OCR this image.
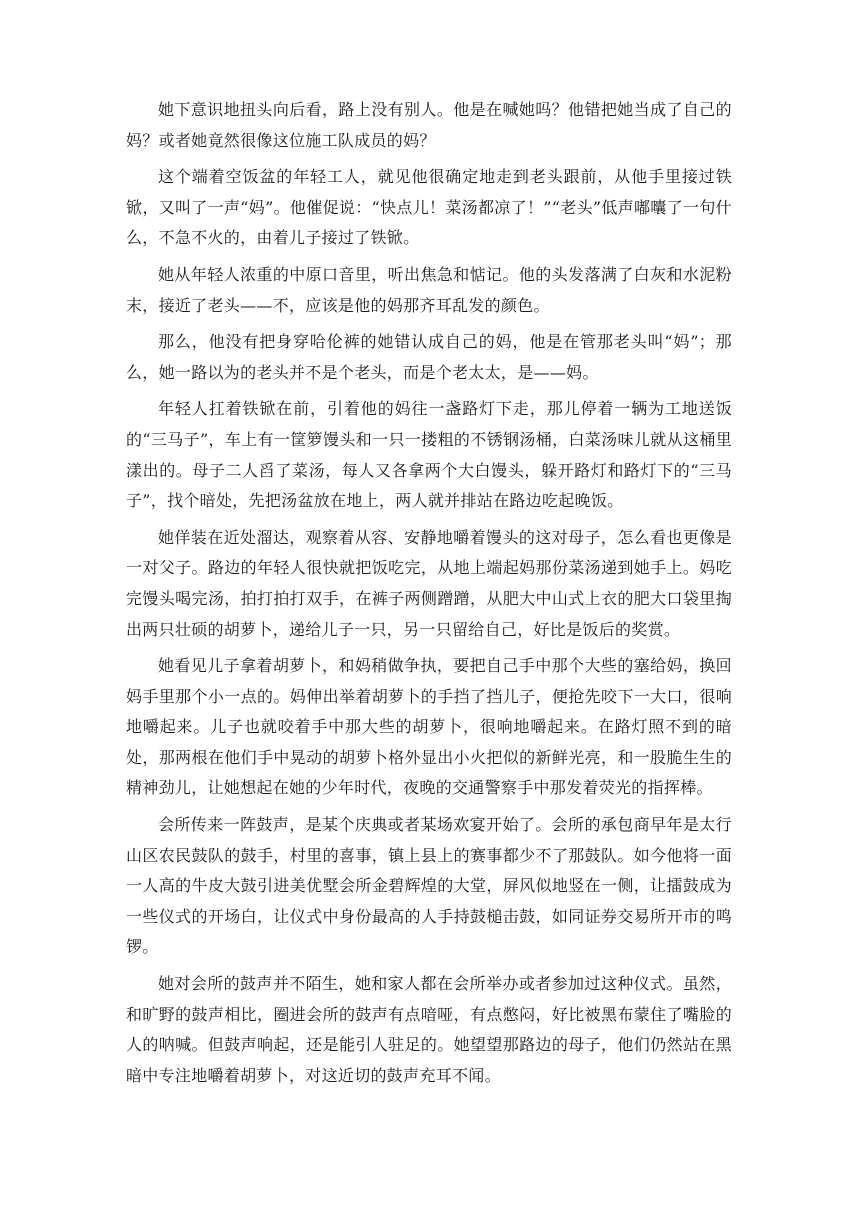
她下意识地扭头向后看，路上没有别人。他是在喊她吗？他错把她当成了自己的妈？或者她竟然很像这位施工队成员的妈？

这个端着空饭盆的年轻工人，就见他很确定地走到老头跟前，从他手里接过铁锨，又叫了一声“妈”。他催促说：“快点儿！菜汤都凉了！”“老头”低声嘟囔了一句什么，不急不火的，由着儿子接过了铁锨。

她从年轻人浓重的中原口音里，听出焦急和惦记。他的头发落满了白灰和水泥粉末，接近了老头——不，应该是他的妈那齐耳乱发的颜色。

那么，他没有把身穿哈伦裤的她错认成自己的妈，他是在管那老头叫“妈”；那么，她一路以为的老头并不是个老头，而是个老太太，是——妈。

年轻人扛着铁锨在前，引着他的妈往一盏路灯下走，那儿停着一辆为工地送饭的“三马子”，车上有一筐箩馒头和一只一搂粗的不锈钢汤桶，白菜汤味儿就从这桶里漾出的。母子二人舀了菜汤，每人又各拿两个大白馒头，躲开路灯和路灯下的“三马子”，找个暗处，先把汤盆放在地上，两人就并排站在路边吃起晚饭。

她佯装在近处溜达，观察着从容、安静地嚼着馒头的这对母子，怎么看也更像是一对父子。路边的年轻人很快就把饭吃完，从地上端起妈那份菜汤递到她手上。妈吃完馒头喝完汤，拍打拍打双手，在裤子两侧蹭蹭，从肥大中山式上衣的肥大口袋里掏出两只壮硕的胡萝卜，递给儿子一只，另一只留给自己，好比是饭后的奖赏。

她看见儿子拿着胡萝卜，和妈稍做争执，要把自己手中那个大些的塞给妈，换回妈手里那个小一点的。妈伸出举着胡萝卜的手挡了挡儿子，便抢先咬下一大口，很响地嚼起来。儿子也就咬着手中那大些的胡萝卜，很响地嚼起来。在路灯照不到的暗处，那两根在他们手中晃动的胡萝卜格外显出小火把似的新鲜光亮，和一股脆生生的精神劲儿，让她想起在她的少年时代，夜晚的交通警察手中那发着荧光的指挥棒。

会所传来一阵鼓声，是某个庆典或者某场欢宴开始了。会所的承包商早年是太行山区农民鼓队的鼓手，村里的喜事，镇上县上的赛事都少不了那鼓队。如今他将一面一人高的牛皮大鼓引进美优墅会所金碧辉煌的大堂，屏风似地竖在一侧，让擂鼓成为一些仪式的开场白，让仪式中身份最高的人手持鼓槌击鼓，如同证券交易所开市的鸣锣。

她对会所的鼓声并不陌生，她和家人都在会所举办或者参加过这种仪式。虽然，和旷野的鼓声相比，圈进会所的鼓声有点喑哑，有点憋闷，好比被黑布蒙住了嘴脸的人的呐喊。但鼓声响起，还是能引人驻足的。她望望那路边的母子，他们仍然站在黑暗中专注地嚼着胡萝卜，对这近切的鼓声充耳不闻。
